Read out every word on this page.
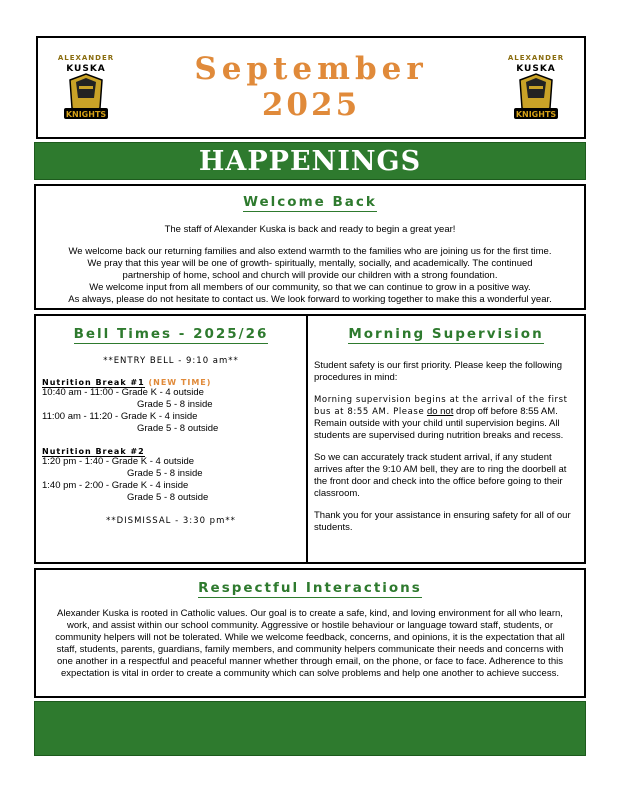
ALEXANDER
KUSKA
KNIGHTS
September
2025
ALEXANDER
KUSKA
KNIGHTS
HAPPENINGS
Welcome Back
The staff of Alexander Kuska is back and ready to begin a great year!
We welcome back our returning families and also extend warmth to the families who are joining us for the first time.
We pray that this year will be one of growth- spiritually, mentally, socially, and academically. The continued
partnership of home, school and church will provide our children with a strong foundation.
We welcome input from all members of our community, so that we can continue to grow in a positive way.
As always, please do not hesitate to contact us. We look forward to working together to make this a wonderful year.
Bell Times - 2025/26
**ENTRY BELL - 9:10 am**
Nutrition Break #1 (NEW TIME)
10:40 am - 11:00 - Grade K - 4 outside
Grade 5 - 8 inside
11:00 am - 11:20 - Grade K - 4 inside
Grade 5 - 8 outside
Nutrition Break #2
1:20 pm - 1:40 - Grade K - 4 outside
Grade 5 - 8 inside
1:40 pm - 2:00 - Grade K - 4 inside
Grade 5 - 8 outside
**DISMISSAL - 3:30 pm**
Morning Supervision
Student safety is our first priority. Please keep the following procedures in mind:
Morning supervision begins at the arrival of the first bus at 8:55 AM. Please do not drop off before 8:55 AM. Remain outside with your child until supervision begins. All students are supervised during nutrition breaks and recess.
So we can accurately track student arrival, if any student arrives after the 9:10 AM bell, they are to ring the doorbell at the front door and check into the office before going to their classroom.
Thank you for your assistance in ensuring safety for all of our students.
Respectful Interactions
Alexander Kuska is rooted in Catholic values. Our goal is to create a safe, kind, and loving environment for all who learn, work, and assist within our school community. Aggressive or hostile behaviour or language toward staff, students, or community helpers will not be tolerated. While we welcome feedback, concerns, and opinions, it is the expectation that all staff, students, parents, guardians, family members, and community helpers communicate their needs and concerns with one another in a respectful and peaceful manner whether through email, on the phone, or face to face. Adherence to this expectation is vital in order to create a community which can solve problems and help one another to achieve success.
